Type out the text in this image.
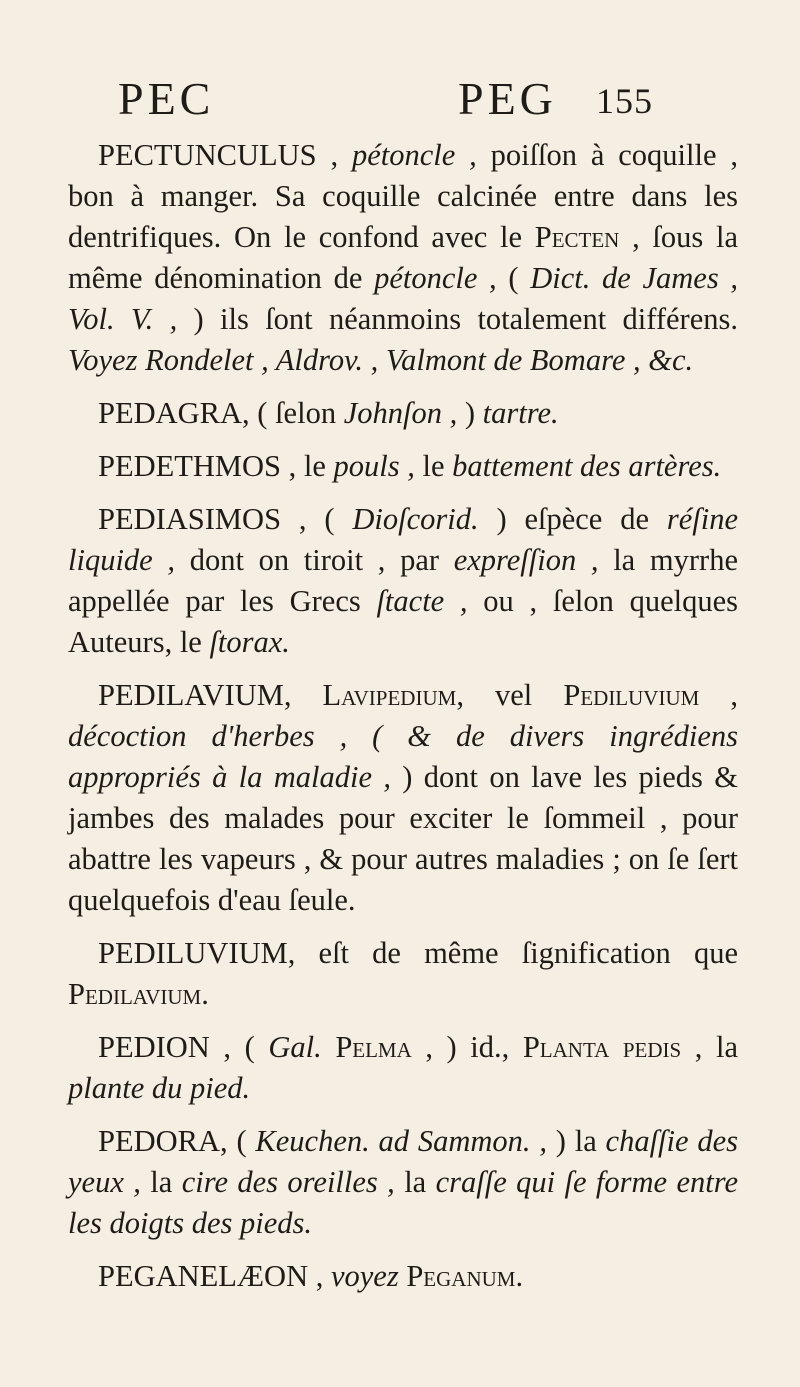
PEC	PEG 155

PECTUNCULUS , pétoncle , poiſſon à coquille , bon à manger. Sa coquille calcinée entre dans les dentrifiques. On le confond avec le Pecten , ſous la même dénomination de pétoncle , ( Dict. de James , Vol. V. , ) ils ſont néanmoins totalement différens. Voyez Rondelet , Aldrov. , Valmont de Bomare , &c.

PEDAGRA, ( ſelon Johnſon , ) tartre.

PEDETHMOS , le pouls , le battement des artères.

PEDIASIMOS , ( Dioſcorid. ) eſpèce de réſine liquide , dont on tiroit , par expreſſion , la myrrhe appellée par les Grecs ſtacte , ou , ſelon quelques Auteurs, le ſtorax.

PEDILAVIUM, Lavipedium, vel Pediluvium , décoction d'herbes , ( & de divers ingrédiens appropriés à la maladie , ) dont on lave les pieds & jambes des malades pour exciter le ſommeil , pour abattre les vapeurs , & pour autres maladies ; on ſe ſert quelquefois d'eau ſeule.

PEDILUVIUM, eſt de même ſignification que Pedilavium.

PEDION , ( Gal. Pelma , ) id., Planta pedis , la plante du pied.

PEDORA, ( Keuchen. ad Sammon. , ) la chaſſie des yeux , la cire des oreilles , la craſſe qui ſe forme entre les doigts des pieds.

PEGANELÆON , voyez Peganum.
